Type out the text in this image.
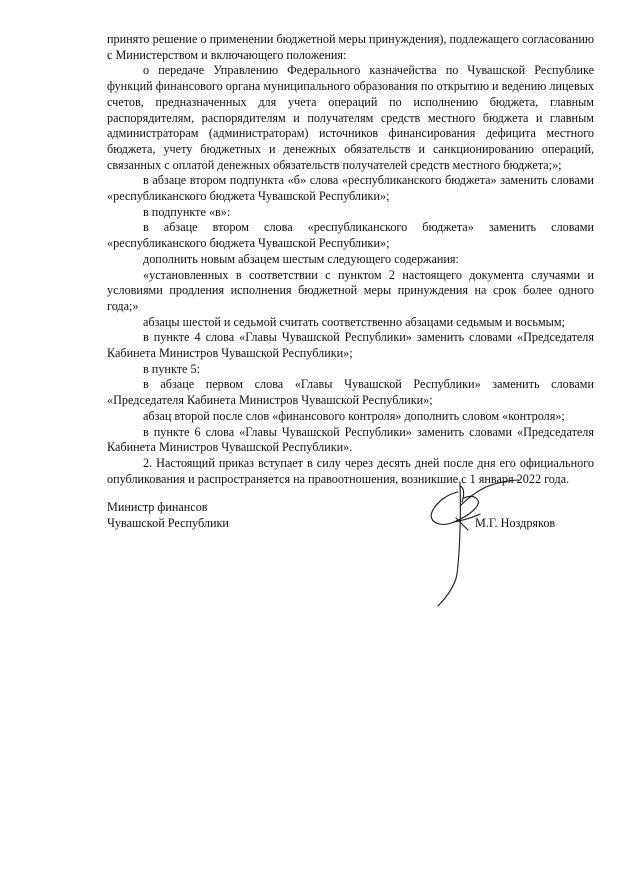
принято решение о применении бюджетной меры принуждения), подлежащего согласованию с Министерством и включающего положения:

о передаче Управлению Федерального казначейства по Чувашской Республике функций финансового органа муниципального образования по открытию и ведению лицевых счетов, предназначенных для учета операций по исполнению бюджета, главным распорядителям, распорядителям и получателям средств местного бюджета и главным администраторам (администраторам) источников финансирования дефицита местного бюджета, учету бюджетных и денежных обязательств и санкционированию операций, связанных с оплатой денежных обязательств получателей средств местного бюджета;»;

в абзаце втором подпункта «б» слова «республиканского бюджета» заменить словами «республиканского бюджета Чувашской Республики»;

в подпункте «в»:

в абзаце втором слова «республиканского бюджета» заменить словами «республиканского бюджета Чувашской Республики»;

дополнить новым абзацем шестым следующего содержания:

«установленных в соответствии с пунктом 2 настоящего документа случаями и условиями продления исполнения бюджетной меры принуждения на срок более одного года;»

абзацы шестой и седьмой считать соответственно абзацами седьмым и восьмым;

в пункте 4 слова «Главы Чувашской Республики» заменить словами «Председателя Кабинета Министров Чувашской Республики»;

в пункте 5:

в абзаце первом слова «Главы Чувашской Республики» заменить словами «Председателя Кабинета Министров Чувашской Республики»;

абзац второй после слов «финансового контроля» дополнить словом «контроля»;

в пункте 6 слова «Главы Чувашской Республики» заменить словами «Председателя Кабинета Министров Чувашской Республики».

2. Настоящий приказ вступает в силу через десять дней после дня его официального опубликования и распространяется на правоотношения, возникшие с 1 января 2022 года.

Министр финансов
Чувашской Республики	М.Г. Ноздряков
